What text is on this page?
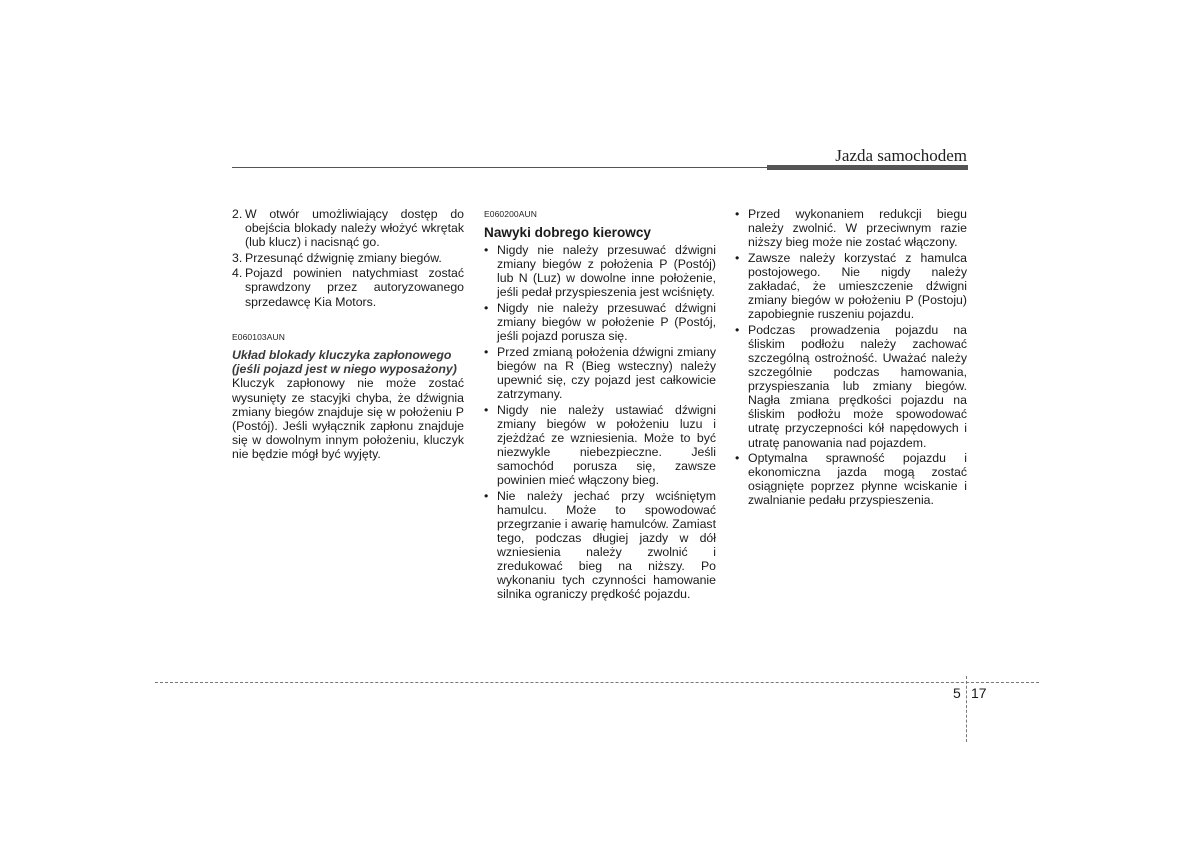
Jazda samochodem
2. W otwór umożliwiający dostęp do obejścia blokady należy włożyć wkrętak (lub klucz) i nacisnąć go.
3. Przesunąć dźwignię zmiany biegów.
4. Pojazd powinien natychmiast zostać sprawdzony przez autoryzowanego sprzedawcę Kia Motors.

E060103AUN

Układ blokady kluczyka zapłonowego (jeśli pojazd jest w niego wyposażony)

Kluczyk zapłonowy nie może zostać wysunięty ze stacyjki chyba, że dźwignia zmiany biegów znajduje się w położeniu P (Postój). Jeśli wyłącznik zapłonu znajduje się w dowolnym innym położeniu, kluczyk nie będzie mógł być wyjęty.

E060200AUN

Nawyki dobrego kierowcy

• Nigdy nie należy przesuwać dźwigni zmiany biegów z położenia P (Postój) lub N (Luz) w dowolne inne położenie, jeśli pedał przyspieszenia jest wciśnięty.
• Nigdy nie należy przesuwać dźwigni zmiany biegów w położenie P (Postój, jeśli pojazd porusza się.
• Przed zmianą położenia dźwigni zmiany biegów na R (Bieg wsteczny) należy upewnić się, czy pojazd jest całkowicie zatrzymany.
• Nigdy nie należy ustawiać dźwigni zmiany biegów w położeniu luzu i zjeżdżać ze wzniesienia. Może to być niezwykle niebezpieczne. Jeśli samochód porusza się, zawsze powinien mieć włączony bieg.
• Nie należy jechać przy wciśniętym hamulcu. Może to spowodować przegrzanie i awarię hamulców. Zamiast tego, podczas długiej jazdy w dół wzniesienia należy zwolnić i zredukować bieg na niższy. Po wykonaniu tych czynności hamowanie silnika ograniczy prędkość pojazdu.
• Przed wykonaniem redukcji biegu należy zwolnić. W przeciwnym razie niższy bieg może nie zostać włączony.
• Zawsze należy korzystać z hamulca postojowego. Nie nigdy należy zakładać, że umieszczenie dźwigni zmiany biegów w położeniu P (Postoju) zapobiegnie ruszeniu pojazdu.
• Podczas prowadzenia pojazdu na śliskim podłożu należy zachować szczególną ostrożność. Uważać należy szczególnie podczas hamowania, przyspieszania lub zmiany biegów. Nagła zmiana prędkości pojazdu na śliskim podłożu może spowodować utratę przyczepności kół napędowych i utratę panowania nad pojazdem.
• Optymalna sprawność pojazdu i ekonomiczna jazda mogą zostać osiągnięte poprzez płynne wciskanie i zwalnianie pedału przyspieszenia.
5 17
